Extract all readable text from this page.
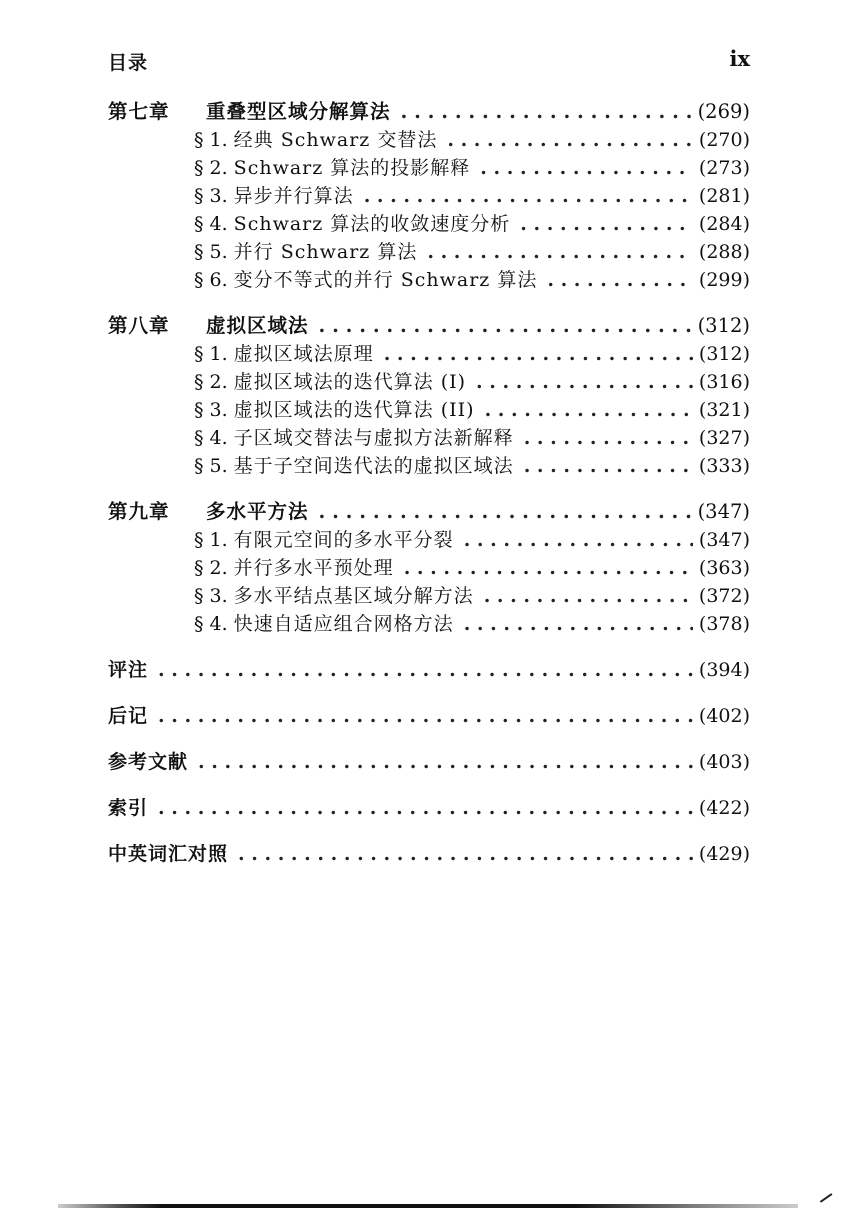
目录	ix
第七章	重叠型区域分解算法 . . .	(269)
§ 1. 经典 Schwarz 交替法 . . .	(270)
§ 2. Schwarz 算法的投影解释 . . .	(273)
§ 3. 异步并行算法 . . .	(281)
§ 4. Schwarz 算法的收敛速度分析 . . .	(284)
§ 5. 并行 Schwarz 算法 . . .	(288)
§ 6. 变分不等式的并行 Schwarz 算法 . . .	(299)
第八章	虚拟区域法 . . .	(312)
§ 1. 虚拟区域法原理 . . .	(312)
§ 2. 虚拟区域法的迭代算法 (I) . . .	(316)
§ 3. 虚拟区域法的迭代算法 (II) . . .	(321)
§ 4. 子区域交替法与虚拟方法新解释 . . .	(327)
§ 5. 基于子空间迭代法的虚拟区域法 . . .	(333)
第九章	多水平方法 . . .	(347)
§ 1. 有限元空间的多水平分裂 . . .	(347)
§ 2. 并行多水平预处理 . . .	(363)
§ 3. 多水平结点基区域分解方法 . . .	(372)
§ 4. 快速自适应组合网格方法 . . .	(378)
评注 . . .	(394)
后记 . . .	(402)
参考文献 . . .	(403)
索引 . . .	(422)
中英词汇对照 . . .	(429)
